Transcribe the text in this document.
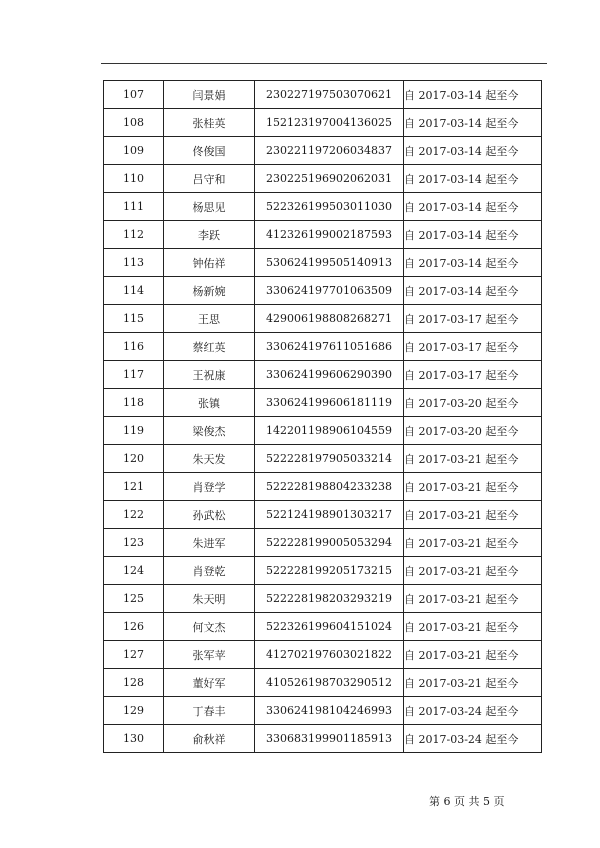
107	闫景娟	230227197503070621	自 2017-03-14 起至今
108	张桂英	152123197004136025	自 2017-03-14 起至今
109	佟俊国	230221197206034837	自 2017-03-14 起至今
110	吕守和	230225196902062031	自 2017-03-14 起至今
111	杨思见	522326199503011030	自 2017-03-14 起至今
112	李跃	412326199002187593	自 2017-03-14 起至今
113	钟佑祥	530624199505140913	自 2017-03-14 起至今
114	杨新婉	330624197701063509	自 2017-03-14 起至今
115	王思	429006198808268271	自 2017-03-17 起至今
116	蔡红英	330624197611051686	自 2017-03-17 起至今
117	王祝康	330624199606290390	自 2017-03-17 起至今
118	张镇	330624199606181119	自 2017-03-20 起至今
119	梁俊杰	142201198906104559	自 2017-03-20 起至今
120	朱天发	522228197905033214	自 2017-03-21 起至今
121	肖登学	522228198804233238	自 2017-03-21 起至今
122	孙武松	522124198901303217	自 2017-03-21 起至今
123	朱进军	522228199005053294	自 2017-03-21 起至今
124	肖登乾	522228199205173215	自 2017-03-21 起至今
125	朱天明	522228198203293219	自 2017-03-21 起至今
126	何文杰	522326199604151024	自 2017-03-21 起至今
127	张军苹	412702197603021822	自 2017-03-21 起至今
128	董好军	410526198703290512	自 2017-03-21 起至今
129	丁春丰	330624198104246993	自 2017-03-24 起至今
130	俞秋祥	330683199901185913	自 2017-03-24 起至今
第 6 页 共 5 页
